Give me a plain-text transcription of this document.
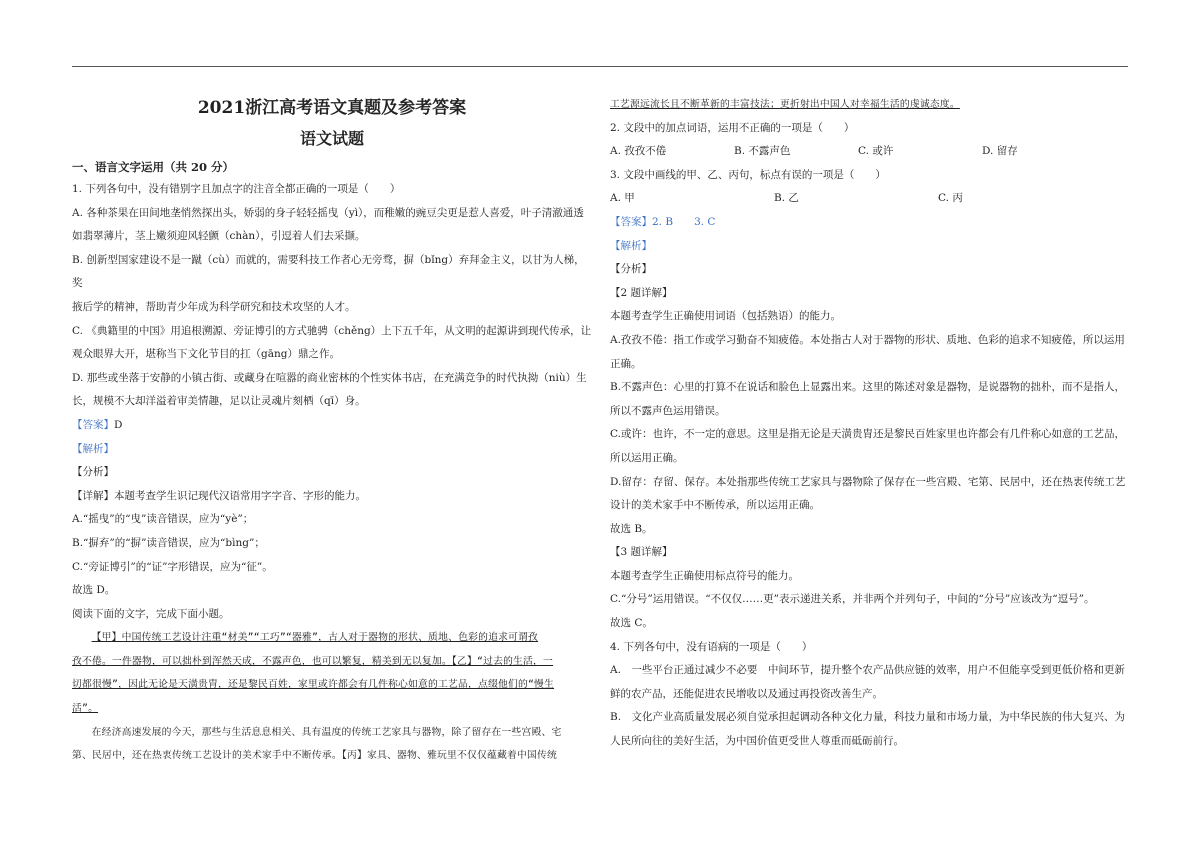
2021浙江高考语文真题及参考答案
语文试题
一、语言文字运用（共 20 分）

1. 下列各句中，没有错别字且加点字的注音全都正确的一项是（　　）

A. 各种茶果在田间地垄悄然探出头，娇弱的身子轻轻摇曳（yì），而稚嫩的豌豆尖更是惹人喜爱，叶子清澈通透

如翡翠薄片，茎上嫩须迎风轻颤（chàn），引逗着人们去采撷。

B. 创新型国家建设不是一蹴（cù）而就的，需要科技工作者心无旁骛，摒（bǐng）弃拜金主义，以甘为人梯，奖

掖后学的精神，帮助青少年成为科学研究和技术攻坚的人才。

C. 《典籍里的中国》用追根溯源、旁证博引的方式驰骋（chěng）上下五千年，从文明的起源讲到现代传承，让

观众眼界大开，堪称当下文化节目的扛（gāng）鼎之作。

D. 那些或坐落于安静的小镇古街、或藏身在喧嚣的商业密林的个性实体书店，在充满竞争的时代执拗（niù）生

长，规模不大却洋溢着审美情趣，足以让灵魂片刻栖（qī）身。

【答案】D

【解析】

【分析】

【详解】本题考查学生识记现代汉语常用字字音、字形的能力。

A.“摇曳”的“曳”读音错误，应为“yè”；

B.“摒弃”的“摒”读音错误，应为“bìng”；

C.“旁证博引”的“证”字形错误，应为“征”。

故选 D。

阅读下面的文字，完成下面小题。

【甲】中国传统工艺设计注重“材美”“工巧”“器雅”，古人对于器物的形状、质地、色彩的追求可谓孜
孜不倦。一件器物，可以拙朴到浑然天成，不露声色，也可以繁复，精美到无以复加。【乙】“过去的生活，一
切都很慢”，因此无论是天潢贵胄，还是黎民百姓，家里或许都会有几件称心如意的工艺品，点缀他们的“慢生
活”。
在经济高速发展的今天，那些与生活息息相关、具有温度的传统工艺家具与器物，除了留存在一些宫殿、宅
第、民居中，还在热衷传统工艺设计的美术家手中不断传承。【丙】家具、器物、雅玩里不仅仅蕴藏着中国传统
工艺源远流长且不断革新的丰富技法；更折射出中国人对幸福生活的虔诚态度。

2. 文段中的加点词语，运用不正确的一项是（　　）

A. 孜孜不倦	B. 不露声色	C. 或许	D. 留存

3. 文段中画线的甲、乙、丙句，标点有误的一项是（　　）

A. 甲	B. 乙	C. 丙

【答案】2. B　　3. C

【解析】

【分析】

【2 题详解】

本题考查学生正确使用词语（包括熟语）的能力。

A.孜孜不倦：指工作或学习勤奋不知疲倦。本处指古人对于器物的形状、质地、色彩的追求不知疲倦，所以运用

正确。

B.不露声色：心里的打算不在说话和脸色上显露出来。这里的陈述对象是器物，是说器物的拙朴，而不是指人，

所以不露声色运用错误。

C.或许：也许，不一定的意思。这里是指无论是天潢贵胄还是黎民百姓家里也许都会有几件称心如意的工艺品，

所以运用正确。

D.留存：存留、保存。本处指那些传统工艺家具与器物除了保存在一些宫殿、宅第、民居中，还在热衷传统工艺

设计的美术家手中不断传承，所以运用正确。

故选 B。

【3 题详解】

本题考查学生正确使用标点符号的能力。

C.“分号”运用错误。“不仅仅……更”表示递进关系，并非两个并列句子，中间的“分号”应该改为“逗号”。

故选 C。

4. 下列各句中，没有语病的一项是（　　）

A.　一些平台正通过减少不必要　中间环节，提升整个农产品供应链的效率，用户不但能享受到更低价格和更新

鲜的农产品，还能促进农民增收以及通过再投资改善生产。

B.　文化产业高质量发展必须自觉承担起调动各种文化力量，科技力量和市场力量，为中华民族的伟大复兴、为

人民所向往的美好生活，为中国价值更受世人尊重而砥砺前行。
